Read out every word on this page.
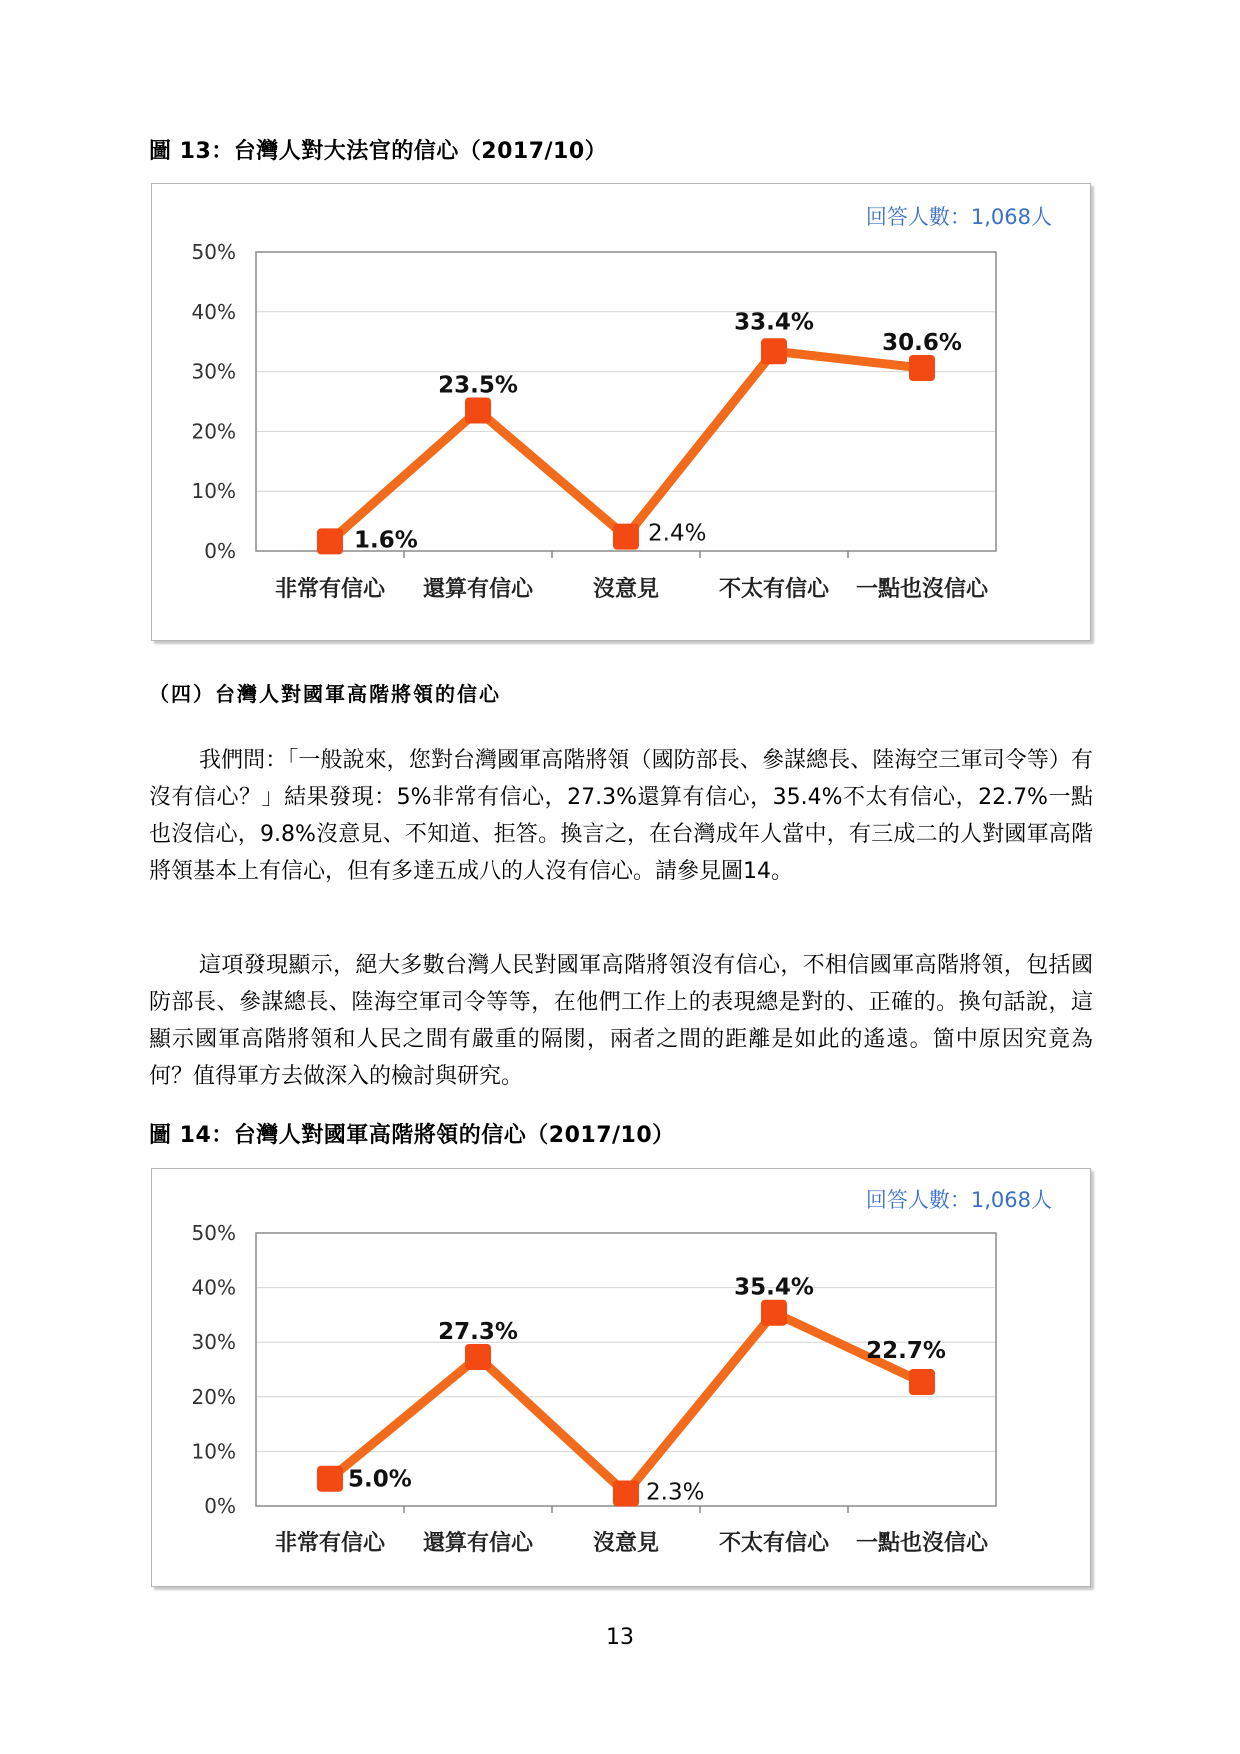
圖 13：台灣人對大法官的信心（2017/10）
0%
10%
20%
30%
40%
50%
1.6%
23.5%
2.4%
33.4%
30.6%
非常有信心 還算有信心	沒意見	不太有信心 一點也沒信心
回答人數：1,068人
（四）台灣人對國軍高階將領的信心

我們問：「一般說來，您對台灣國軍高階將領（國防部長、參謀總長、陸海空三軍司令等）有沒有信心？」結果發現：5%非常有信心，27.3%還算有信心，35.4%不太有信心，22.7%一點也沒信心，9.8%沒意見、不知道、拒答。換言之，在台灣成年人當中，有三成二的人對國軍高階將領基本上有信心，但有多達五成八的人沒有信心。請參見圖14。

這項發現顯示，絕大多數台灣人民對國軍高階將領沒有信心，不相信國軍高階將領，包括國防部長、參謀總長、陸海空軍司令等等，在他們工作上的表現總是對的、正確的。換句話說，這顯示國軍高階將領和人民之間有嚴重的隔閡，兩者之間的距離是如此的遙遠。箇中原因究竟為何？值得軍方去做深入的檢討與研究。

圖 14：台灣人對國軍高階將領的信心（2017/10）
0%
10%
20%
30%
40%
50%
5.0%
27.3%
2.3%
35.4%
22.7%
非常有信心 還算有信心	沒意見	不太有信心 一點也沒信心
回答人數：1,068人
13
